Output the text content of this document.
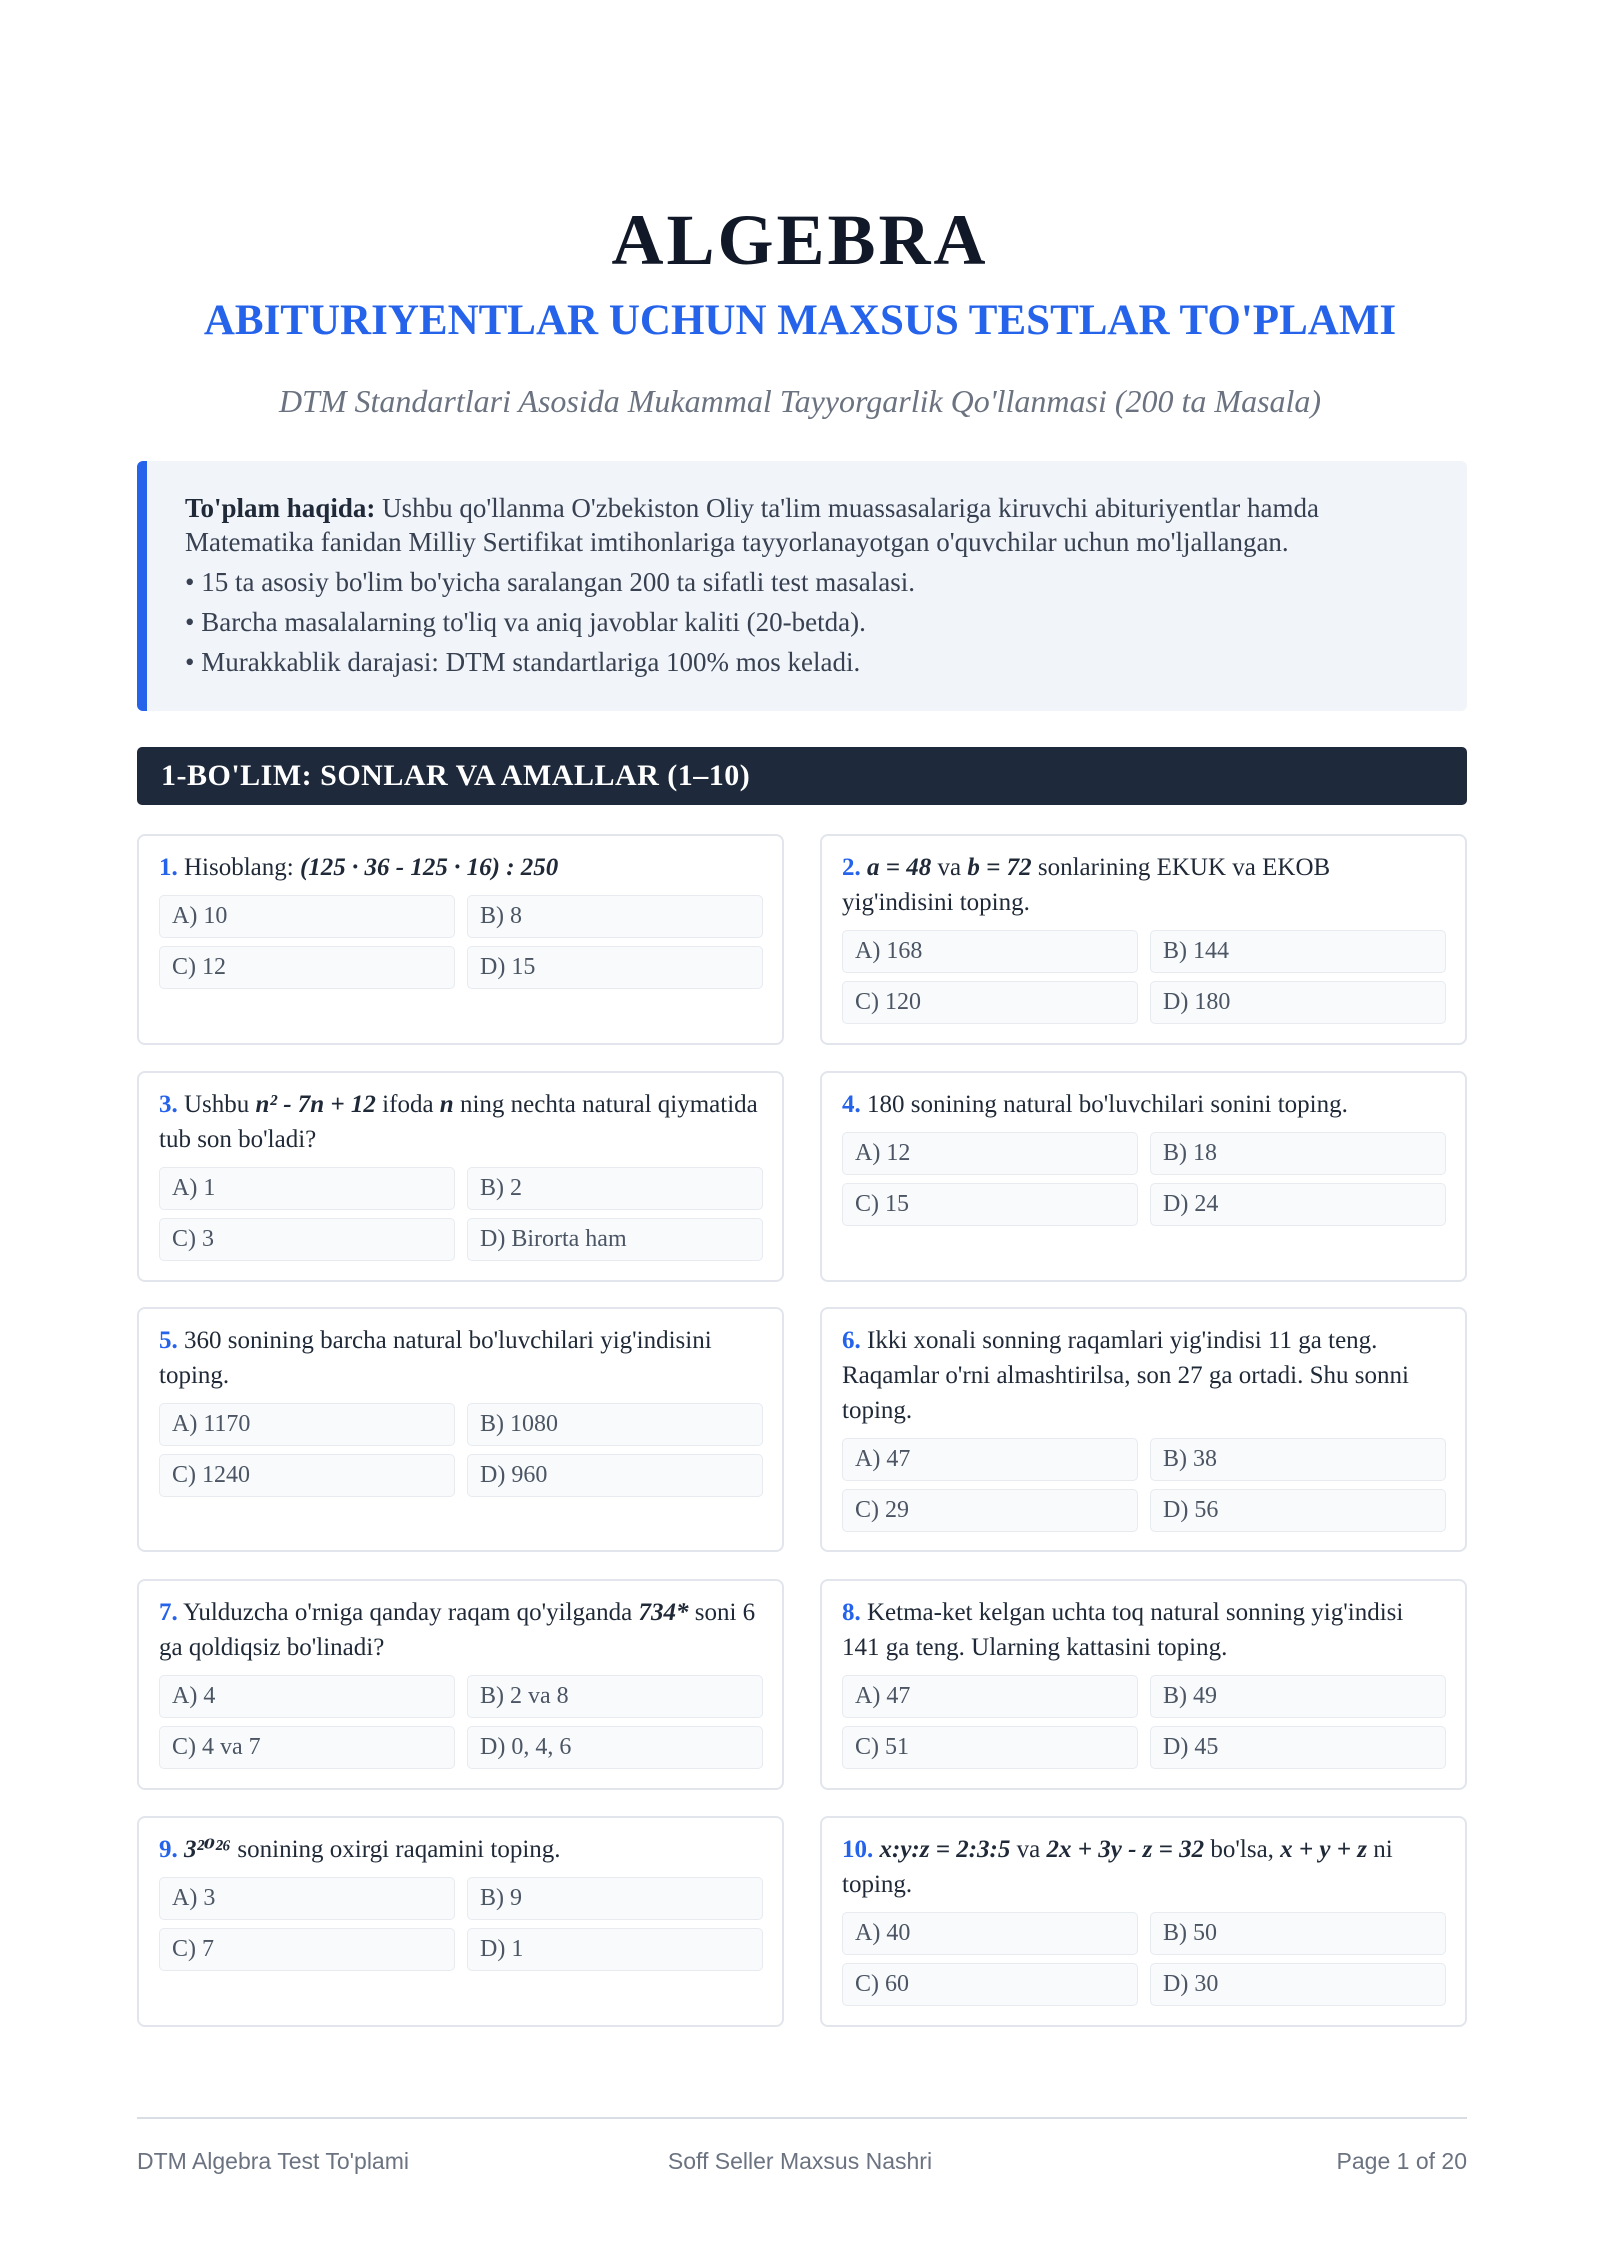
ALGEBRA
ABITURIYENTLAR UCHUN MAXSUS TESTLAR TO'PLAMI
DTM Standartlari Asosida Mukammal Tayyorgarlik Qo'llanmasi (200 ta Masala)
To'plam haqida: Ushbu qo'llanma O'zbekiston Oliy ta'lim muassasalariga kiruvchi abituriyentlar hamda Matematika fanidan Milliy Sertifikat imtihonlariga tayyorlanayotgan o'quvchilar uchun mo'ljallangan.
• 15 ta asosiy bo'lim bo'yicha saralangan 200 ta sifatli test masalasi.
• Barcha masalalarning to'liq va aniq javoblar kaliti (20-betda).
• Murakkablik darajasi: DTM standartlariga 100% mos keladi.
1-BO'LIM: SONLAR VA AMALLAR (1–10)
1. Hisoblang: (125 · 36 - 125 · 16) : 250
A) 10	B) 8
C) 12	D) 15
2. a = 48 va b = 72 sonlarining EKUK va EKOB yig'indisini toping.
A) 168	B) 144
C) 120	D) 180
3. Ushbu n² - 7n + 12 ifoda n ning nechta natural qiymatida tub son bo'ladi?
A) 1	B) 2
C) 3	D) Birorta ham
4. 180 sonining natural bo'luvchilari sonini toping.
A) 12	B) 18
C) 15	D) 24
5. 360 sonining barcha natural bo'luvchilari yig'indisini toping.
A) 1170	B) 1080
C) 1240	D) 960
6. Ikki xonali sonning raqamlari yig'indisi 11 ga teng. Raqamlar o'rni almashtirilsa, son 27 ga ortadi. Shu sonni toping.
A) 47	B) 38
C) 29	D) 56
7. Yulduzcha o'rniga qanday raqam qo'yilganda 734* soni 6 ga qoldiqsiz bo'linadi?
A) 4	B) 2 va 8
C) 4 va 7	D) 0, 4, 6
8. Ketma-ket kelgan uchta toq natural sonning yig'indisi 141 ga teng. Ularning kattasini toping.
A) 47	B) 49
C) 51	D) 45
9. 3²⁰²⁶ sonining oxirgi raqamini toping.
A) 3	B) 9
C) 7	D) 1
10. x:y:z = 2:3:5 va 2x + 3y - z = 32 bo'lsa, x + y + z ni toping.
A) 40	B) 50
C) 60	D) 30
DTM Algebra Test To'plami	Soff Seller Maxsus Nashri	Page 1 of 20
